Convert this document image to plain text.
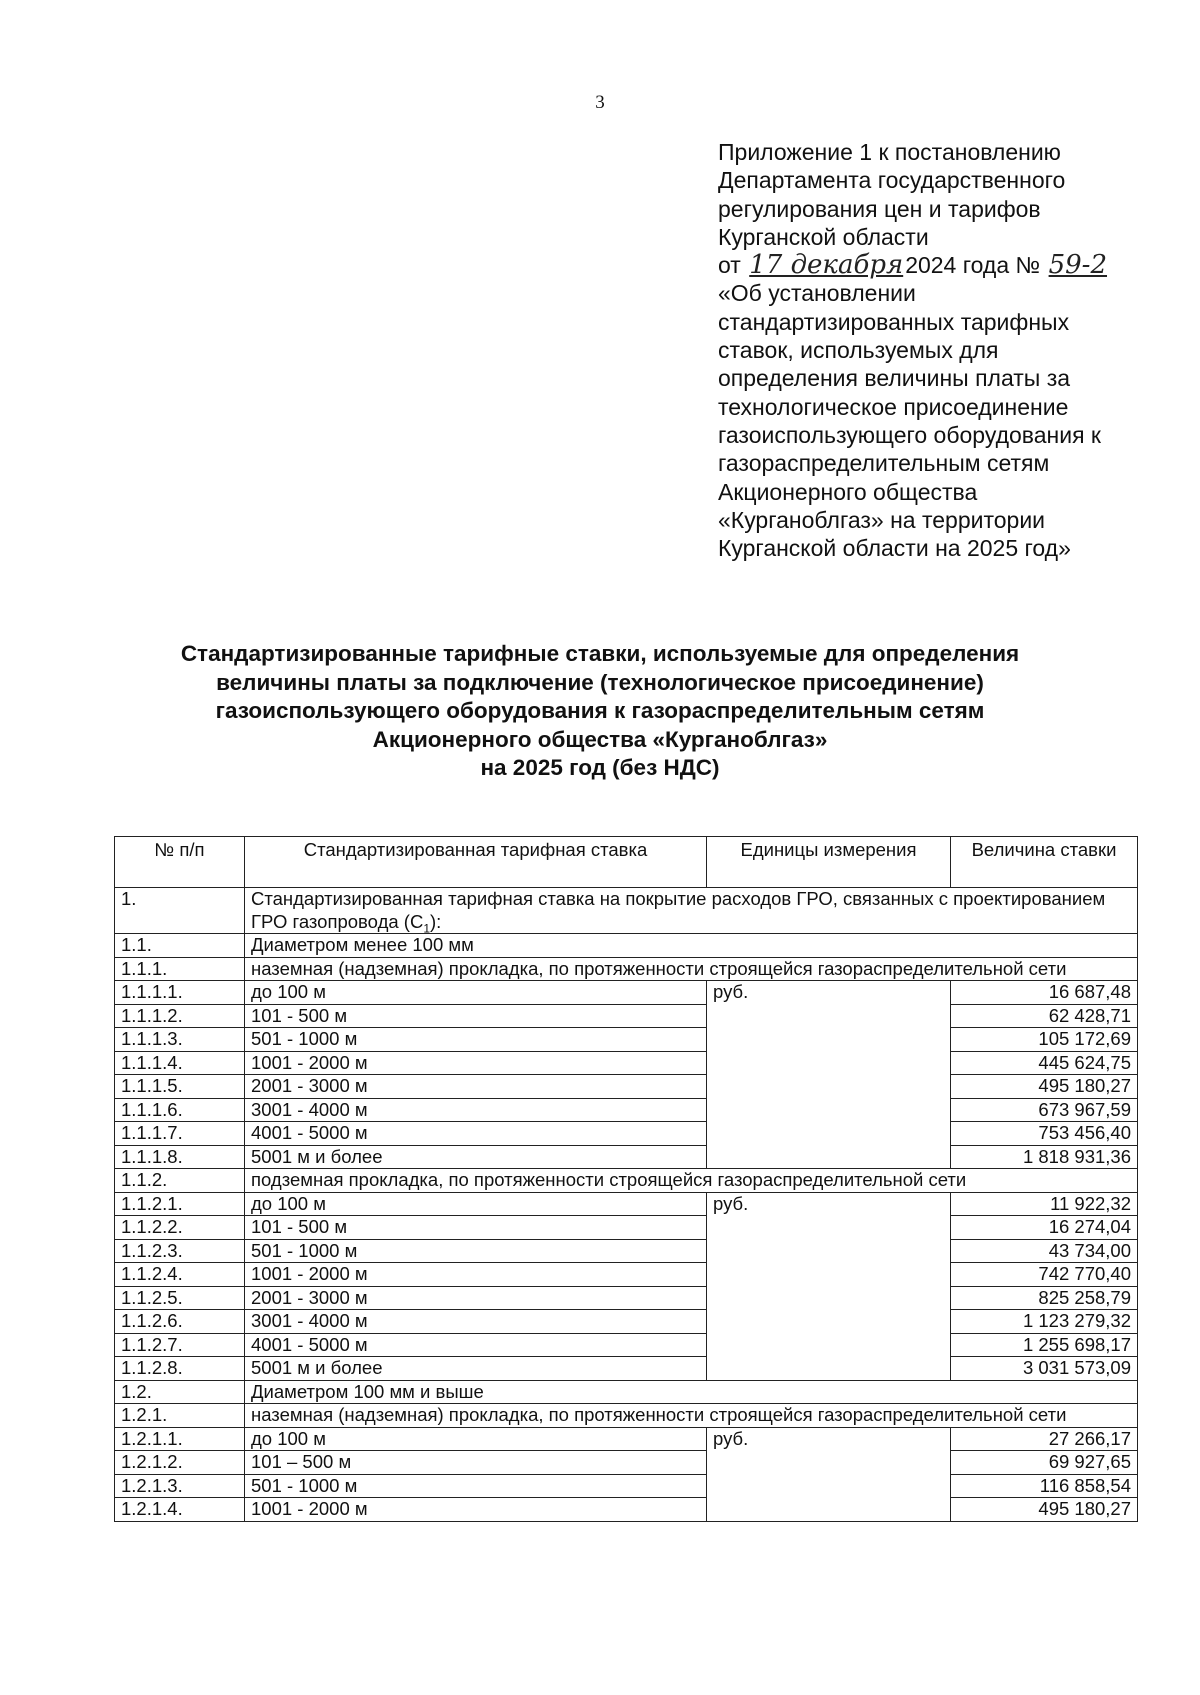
3
Приложение 1 к постановлению
Департамента государственного
регулирования цен и тарифов
Курганской области
от 17 декабря2024 года № 59-2
«Об установлении
стандартизированных тарифных
ставок, используемых для
определения величины платы за
технологическое присоединение
газоиспользующего оборудования к
газораспределительным сетям
Акционерного общества
«Курганоблгаз» на территории
Курганской области на 2025 год»
Стандартизированные тарифные ставки, используемые для определения
величины платы за подключение (технологическое присоединение)
газоиспользующего оборудования к газораспределительным сетям
Акционерного общества «Курганоблгаз»
на 2025 год (без НДС)
№ п/п	Стандартизированная тарифная ставка	Единицы измерения	Величина ставки
1.	Стандартизированная тарифная ставка на покрытие расходов ГРО, связанных с проектированием ГРО газопровода $(С_1)$:		
1.1.	Диаметром менее 100 мм		
1.1.1.	наземная (надземная) прокладка, по протяженности строящейся газораспределительной сети		
1.1.1.1.	до 100 м	руб.	16 687,48
1.1.1.2.	101 - 500 м		62 428,71
1.1.1.3.	501 - 1000 м		105 172,69
1.1.1.4.	1001 - 2000 м		445 624,75
1.1.1.5.	2001 - 3000 м		495 180,27
1.1.1.6.	3001 - 4000 м		673 967,59
1.1.1.7.	4001 - 5000 м		753 456,40
1.1.1.8.	5001 м и более		1 818 931,36
1.1.2.	подземная прокладка, по протяженности строящейся газораспределительной сети		
1.1.2.1.	до 100 м	руб.	11 922,32
1.1.2.2.	101 - 500 м		16 274,04
1.1.2.3.	501 - 1000 м		43 734,00
1.1.2.4.	1001 - 2000 м		742 770,40
1.1.2.5.	2001 - 3000 м		825 258,79
1.1.2.6.	3001 - 4000 м		1 123 279,32
1.1.2.7.	4001 - 5000 м		1 255 698,17
1.1.2.8.	5001 м и более		3 031 573,09
1.2.	Диаметром 100 мм и выше		
1.2.1.	наземная (надземная) прокладка, по протяженности строящейся газораспределительной сети		
1.2.1.1.	до 100 м	руб.	27 266,17
1.2.1.2.	101 – 500 м		69 927,65
1.2.1.3.	501 - 1000 м		116 858,54
1.2.1.4.	1001 - 2000 м		495 180,27
